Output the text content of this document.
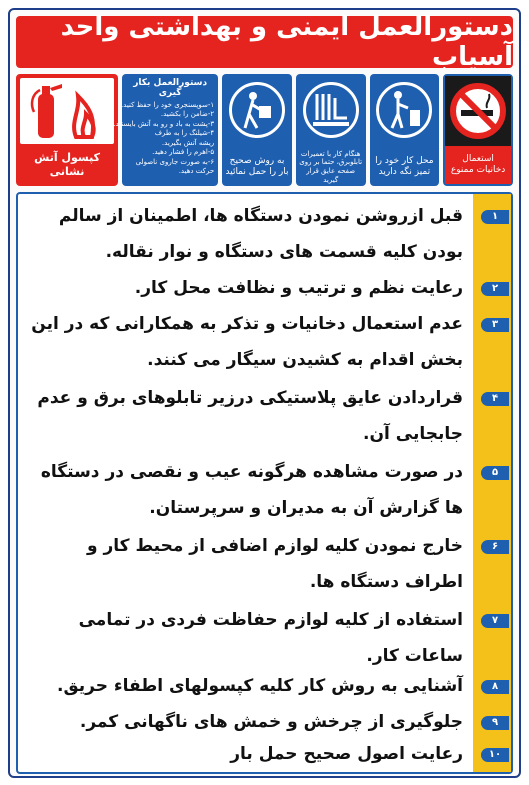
دستورالعمل ایمنی و بهداشتی واحد آسیاب
کپسول آتش نشانی
دستورالعمل بکار گیری
۱-سوپسنجری خود را حفظ کنید.
۲-ضامن را بکشید.
۳-پشت به باد و رو به آتش بایستید.
۴-شیلنگ را به طرف
ریشه آتش بگیرید.
۵-اهرم را فشار دهید.
۶-به صورت جاروی ناصولی
حرکت دهید.
به روش صحیح بار را حمل نمائید
هنگام کار با تعمیرات تابلوبرق، حتما بر روی صفحه عایق قرار گیرید
محل کار خود را تمیز نگه دارید
استعمال دخانیات ممنوع
۱
قبل ازروشن نمودن دستگاه ها، اطمینان از سالم بودن کلیه قسمت های دستگاه و نوار نقاله.
۲
رعایت نظم و ترتیب و نظافت محل کار.
۳
عدم استعمال دخانیات و تذکر به همکارانی که در این بخش اقدام به کشیدن سیگار می کنند.
۴
قراردادن عایق پلاستیکی درزیر تابلوهای برق و عدم جابجایی آن.
۵
در صورت مشاهده هرگونه عیب و نقصی در دستگاه ها گزارش آن به مدیران و سرپرستان.
۶
خارج نمودن کلیه لوازم اضافی از محیط کار و اطراف دستگاه ها.
۷
استفاده از کلیه لوازم حفاظت فردی در تمامی ساعات کار.
۸
آشنایی به روش کار کلیه کپسولهای اطفاء حریق.
۹
جلوگیری از چرخش و خمش های ناگهانی کمر.
۱۰
رعایت اصول صحیح حمل بار
